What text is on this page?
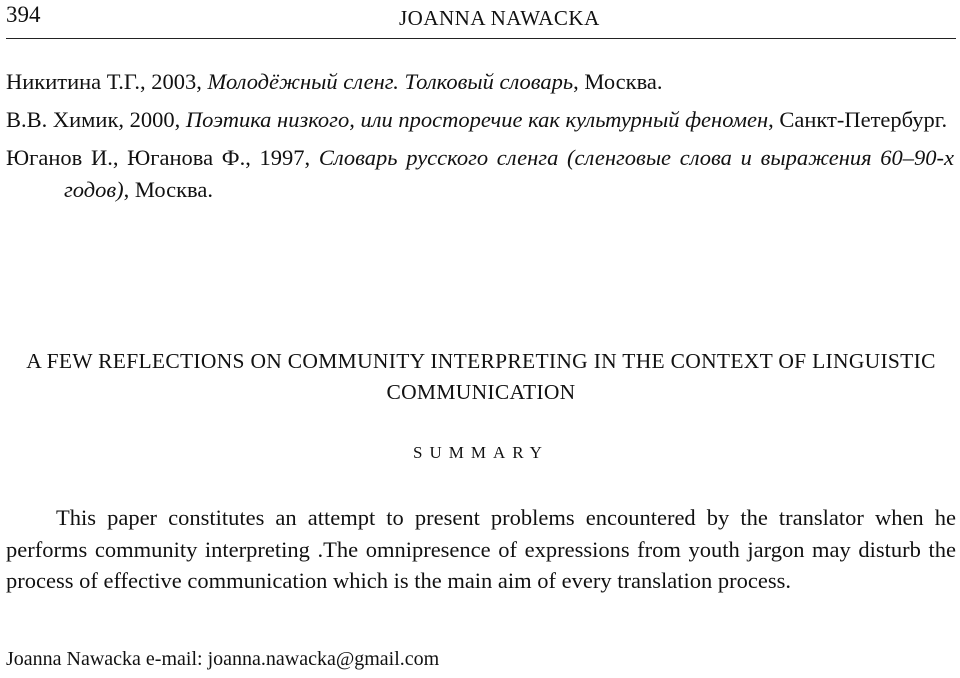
394	JOANNA NAWACKA

Никитина Т.Г., 2003, Молодёжный сленг. Толковый словарь, Москва.

В.В. Химик, 2000, Поэтика низкого, или просторечие как культурный феномен, Санкт-Петербург.

Юганов И., Юганова Ф., 1997, Словарь русского сленга (сленговые слова и выражения 60–90-х годов), Москва.

A FEW REFLECTIONS ON COMMUNITY INTERPRETING IN THE CONTEXT OF LINGUISTIC COMMUNICATION
SUMMARY

This paper constitutes an attempt to present problems encountered by the translator when he performs community interpreting .The omnipresence of expressions from youth jargon may disturb the process of effective communication which is the main aim of every translation process.

Joanna Nawacka e-mail: joanna.nawacka@gmail.com
